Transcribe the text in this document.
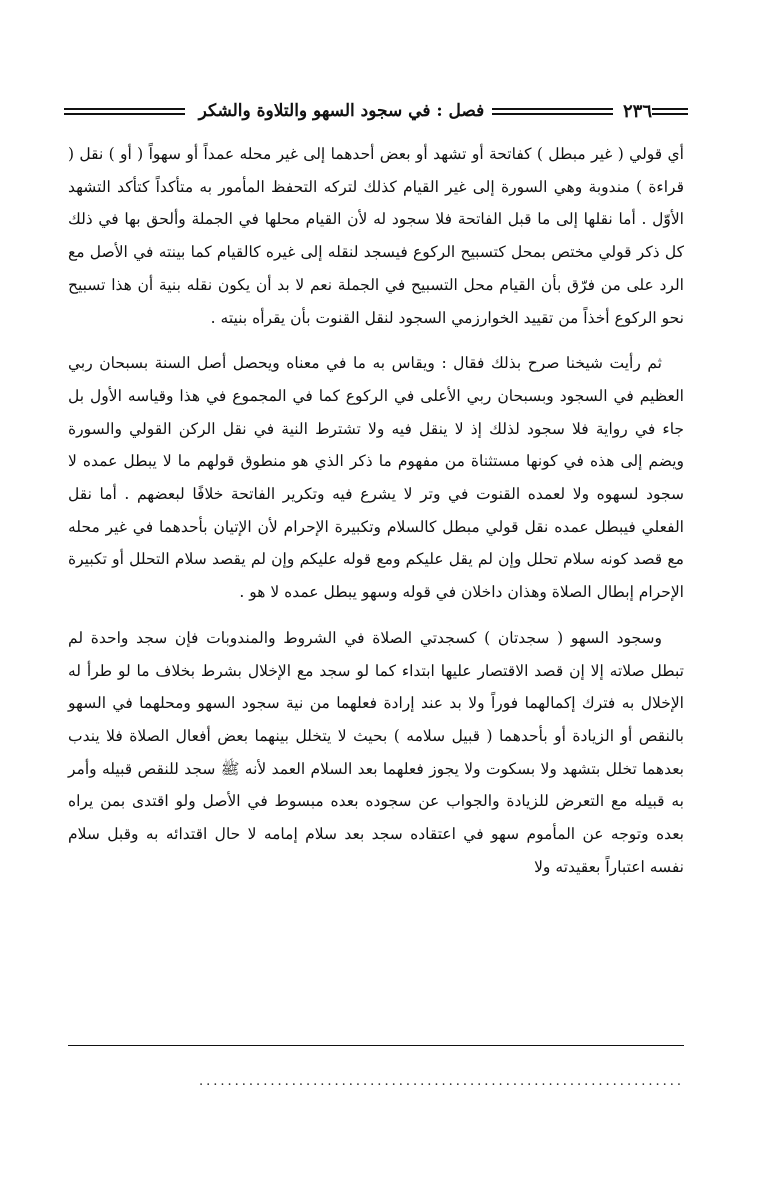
٢٣٦
فصل : في سجود السهو والتلاوة والشكر

أي قولي ( غير مبطل ) كفاتحة أو تشهد أو بعض أحدهما إلى غير محله عمداً أو سهواً ( أو ) نقل ( قراءة ) مندوبة وهي السورة إلى غير القيام كذلك لتركه التحفظ المأمور به متأكداً كتأكد التشهد الأوّل . أما نقلها إلى ما قبل الفاتحة فلا سجود له لأن القيام محلها في الجملة وألحق بها في ذلك كل ذكر قولي مختص بمحل كتسبيح الركوع فيسجد لنقله إلى غيره كالقيام كما بينته في الأصل مع الرد على من فرّق بأن القيام محل التسبيح في الجملة نعم لا بد أن يكون نقله بنية أن هذا تسبيح نحو الركوع أخذاً من تقييد الخوارزمي السجود لنقل القنوت بأن يقرأه بنيته .

ثم رأيت شيخنا صرح بذلك فقال : ويقاس به ما في معناه ويحصل أصل السنة بسبحان ربي العظيم في السجود وبسبحان ربي الأعلى في الركوع كما في المجموع في هذا وقياسه الأول بل جاء في رواية فلا سجود لذلك إذ لا ينقل فيه ولا تشترط النية في نقل الركن القولي والسورة ويضم إلى هذه في كونها مستثناة من مفهوم ما ذكر الذي هو منطوق قولهم ما لا يبطل عمده لا سجود لسهوه ولا لعمده القنوت في وتر لا يشرع فيه وتكرير الفاتحة خلافًا لبعضهم . أما نقل الفعلي فيبطل عمده نقل قولي مبطل كالسلام وتكبيرة الإحرام لأن الإتيان بأحدهما في غير محله مع قصد كونه سلام تحلل وإن لم يقل عليكم ومع قوله عليكم وإن لم يقصد سلام التحلل أو تكبيرة الإحرام إبطال الصلاة وهذان داخلان في قوله وسهو يبطل عمده لا هو .

وسجود السهو ( سجدتان ) كسجدتي الصلاة في الشروط والمندوبات فإن سجد واحدة لم تبطل صلاته إلا إن قصد الاقتصار عليها ابتداء كما لو سجد مع الإخلال بشرط بخلاف ما لو طرأ له الإخلال به فترك إكمالهما فوراً ولا بد عند إرادة فعلهما من نية سجود السهو ومحلهما في السهو بالنقص أو الزيادة أو بأحدهما ( قبيل سلامه ) بحيث لا يتخلل بينهما بعض أفعال الصلاة فلا يندب بعدهما تخلل بتشهد ولا بسكوت ولا يجوز فعلهما بعد السلام العمد لأنه ﷺ سجد للنقص قبيله وأمر به قبيله مع التعرض للزيادة والجواب عن سجوده بعده مبسوط في الأصل ولو اقتدى بمن يراه بعده وتوجه عن المأموم سهو في اعتقاده سجد بعد سلام إمامه لا حال اقتدائه به وقبل سلام نفسه اعتباراً بعقيدته ولا

....................................................................
